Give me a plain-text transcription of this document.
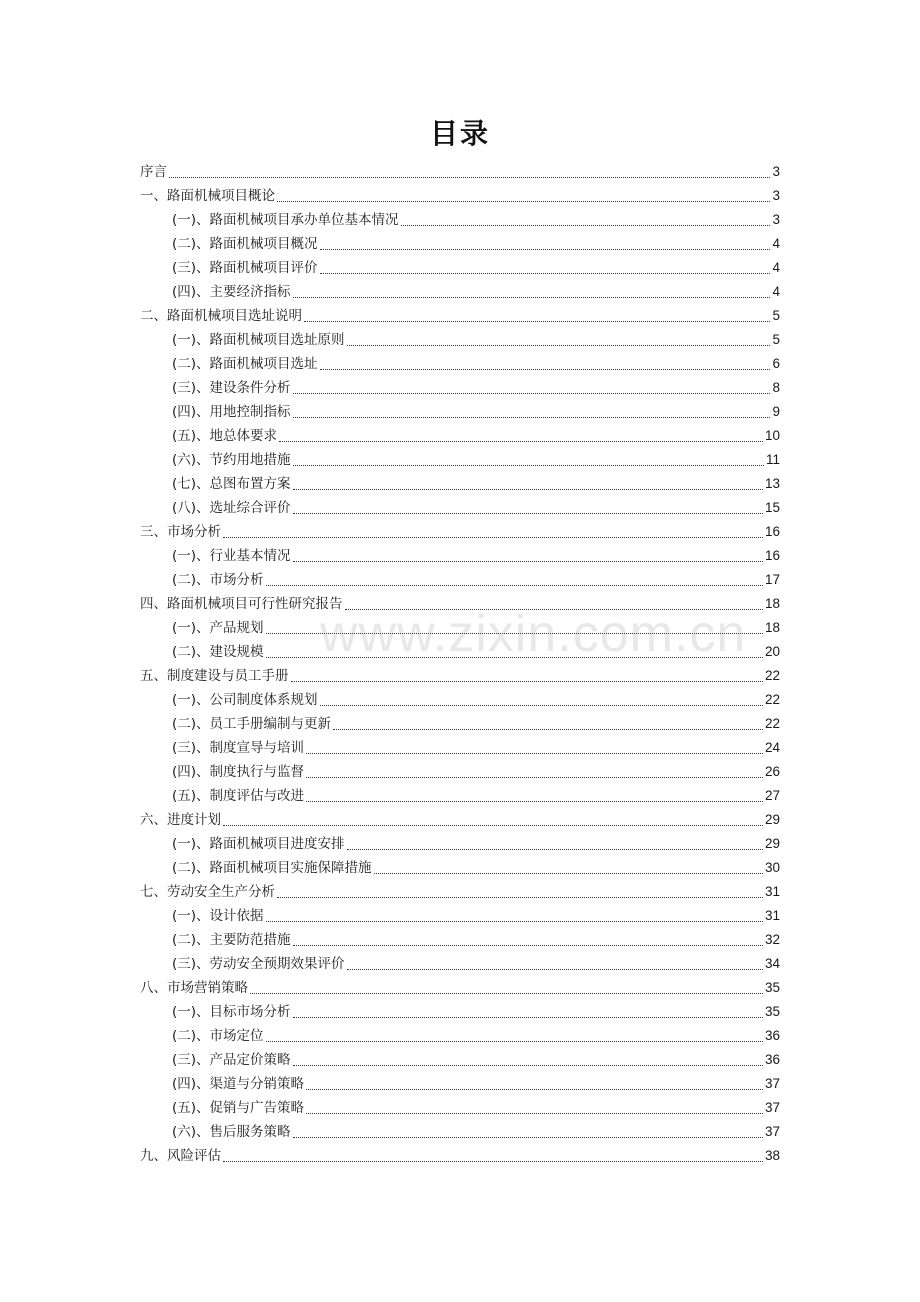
目录
序言	3
一、路面机械项目概论	3
(一)、路面机械项目承办单位基本情况	3
(二)、路面机械项目概况	4
(三)、路面机械项目评价	4
(四)、主要经济指标	4
二、路面机械项目选址说明	5
(一)、路面机械项目选址原则	5
(二)、路面机械项目选址	6
(三)、建设条件分析	8
(四)、用地控制指标	9
(五)、地总体要求	10
(六)、节约用地措施	11
(七)、总图布置方案	13
(八)、选址综合评价	15
三、市场分析	16
(一)、行业基本情况	16
(二)、市场分析	17
四、路面机械项目可行性研究报告	18
(一)、产品规划	18
(二)、建设规模	20
五、制度建设与员工手册	22
(一)、公司制度体系规划	22
(二)、员工手册编制与更新	22
(三)、制度宣导与培训	24
(四)、制度执行与监督	26
(五)、制度评估与改进	27
六、进度计划	29
(一)、路面机械项目进度安排	29
(二)、路面机械项目实施保障措施	30
七、劳动安全生产分析	31
(一)、设计依据	31
(二)、主要防范措施	32
(三)、劳动安全预期效果评价	34
八、市场营销策略	35
(一)、目标市场分析	35
(二)、市场定位	36
(三)、产品定价策略	36
(四)、渠道与分销策略	37
(五)、促销与广告策略	37
(六)、售后服务策略	37
九、风险评估	38
www.zixin.com.cn
